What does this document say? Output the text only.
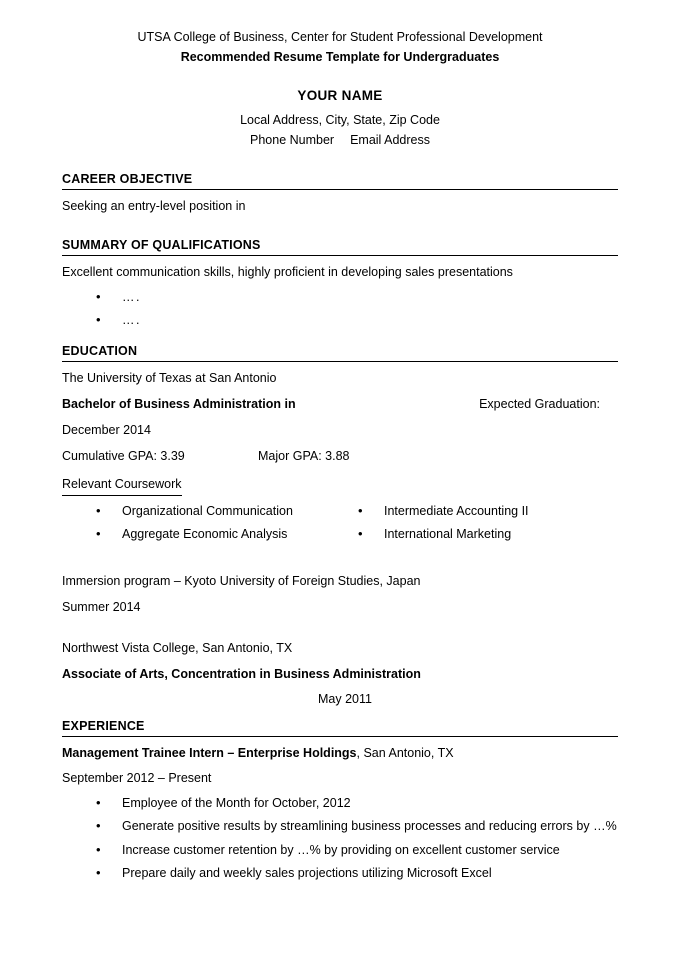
UTSA College of Business, Center for Student Professional Development
Recommended Resume Template for Undergraduates
YOUR NAME
Local Address, City, State, Zip Code
Phone Number Email Address
CAREER OBJECTIVE
Seeking an entry-level position in
SUMMARY OF QUALIFICATIONS
Excellent communication skills, highly proficient in developing sales presentations
• ….
• ….
EDUCATION
The University of Texas at San Antonio
Bachelor of Business Administration in	Expected Graduation:
December 2014
Cumulative GPA: 3.39	Major GPA: 3.88
Relevant Coursework
• Organizational Communication
• Aggregate Economic Analysis
• Intermediate Accounting II
• International Marketing
Immersion program – Kyoto University of Foreign Studies, Japan
Summer 2014
Northwest Vista College, San Antonio, TX
Associate of Arts, Concentration in Business Administration
May 2011
EXPERIENCE
Management Trainee Intern – Enterprise Holdings, San Antonio, TX
September 2012 – Present
• Employee of the Month for October, 2012
• Generate positive results by streamlining business processes and reducing errors by …%
• Increase customer retention by …% by providing on excellent customer service
• Prepare daily and weekly sales projections utilizing Microsoft Excel
